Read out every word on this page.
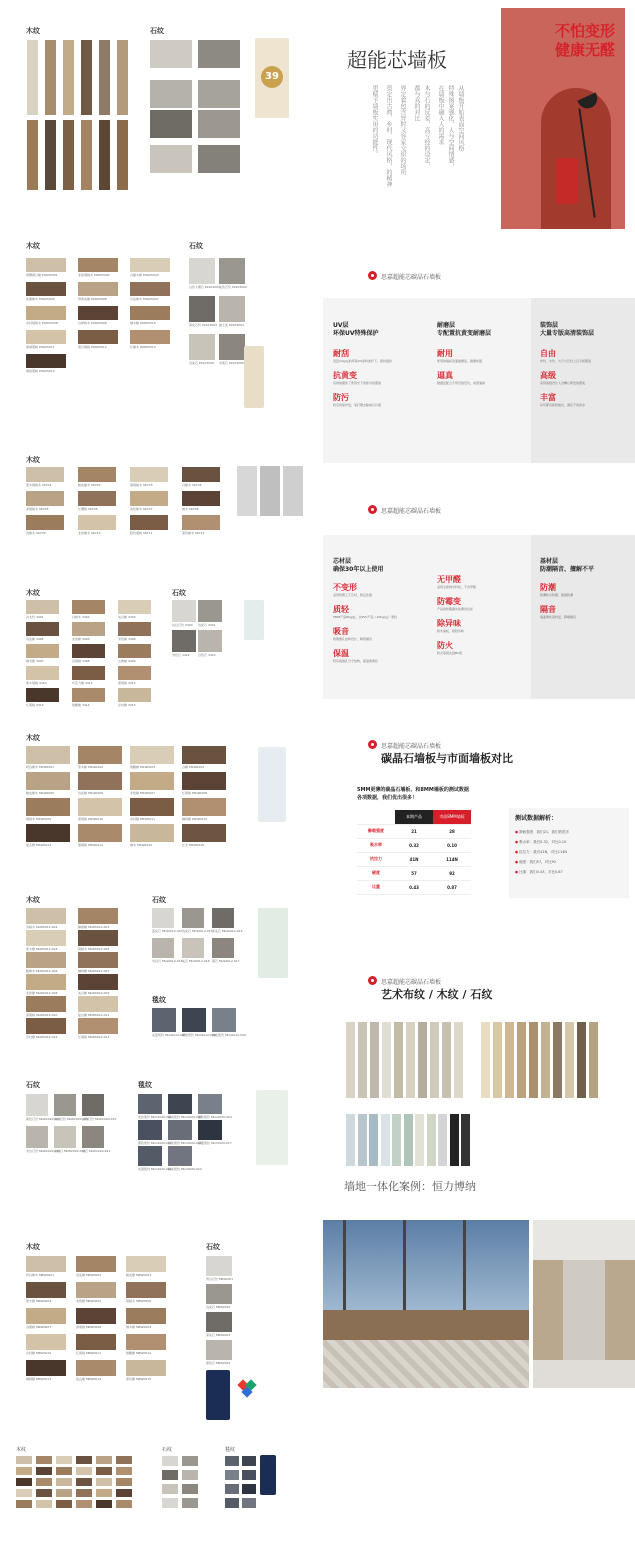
木纹	石纹
39
超能芯墙板
从墙板开始表面空间风格
特殊图案强化，人与空间情感，
在墙板中融入人的需求
木与石的反差，高亏经的设定，
都与真的对比
界定着包含异时又容家交织的场所
奠定出古典、乡村、现代风格，的精神
更赋予墙板实用的功能性。
不怕变形
健康无醛
木纹	石纹
莫娜春日橡 PLW05001	北欧胡桃木 PLW05002	白蜡木橡 PLW05003
纯黑橡木 PLW05004	珍珠灰橡 PLW05006	冷灰橡木 PLW05007
乡村胡桃木 PLW05008	白桦枫木 PLW05009	柚木橡 PLW05010
海港胡桃 PLW05011	落日胡桃 PLW05012	红橡木 PLW05013
琥珀胡桃 PLW05014
白色大理石 PLS03001 灰色石纹 PLS03002
深灰石纹 PLS03003 爵士灰 PLS03004
浅灰石 PLS03005	米黄石 PLS03006
思嘉超能芯碳晶石墙板
UV层
环保UV特殊保护
耐刮
表层12g/㎡的环保UV涂料加杆下，保持抵抗
抗黄变
有效地避免了使用光下的紫外线照射
防污
特有的保护层，易打理去除油污污渍
耐磨层
专配置抗黄变耐磨层
耐用
使用的墙板表面耐磨层，耐磨性强
逼真
耐磨层配合专用设备压纹，质感逼真
装饰层
大量专版高清装饰层
自由
布纹、木纹、大尺寸石纹上百专版图案
高级
采用高级设计人员精心研发的图案
丰富
每年都有新款推出，满足不同需求
木纹
原木胡桃木 S6701	暖灰橡木 S6702	黑胡桃木 S6703	白橡木 S6704
深胡桃木 S6705	红樱桃 S6706	灰色橡木 S6707	柚木 S6708
浅橡木 S6709	北欧橡木 S6710	暗色胡桃 S6711	深色橡木 S6712
思嘉超能芯碳晶石墙板
芯材层
确保30年以上使用
不变形
采用特殊工艺芯材，稳定性强
质轻
5MM产品8kg/㎡，比PVC产品（10kg/㎡）更轻
吸音
特殊微孔结构设计，降低噪音
保温
特有的微孔分子结构，保温效果好
无甲醛
采用全新纳米科技，不含甲醛
防霉变
产品的防霉菌实验测试达标
除异味
新式墙板，吸附异味
防火
防火等级达到B1级
基材层
防潮隔音、擅解不平
防潮
防潮防水防霉，耐湿防潮
隔音
墙面弹性基材层，降噪隔音
木纹	石纹
浅木纹 3401	白枫木 3402	灰白橡 3403
浅灰橡 3404	北欧橡 3405	米色橡 3406
柚木橡 3407	浅胡桃 3408	古典橡 3409
原木胡桃 3410	巧克力橡 3411	深胡桃 3412
红胡桃 3413	焦糖橡 3414	乡村橡 3415
灰白石纹 3420	浅灰石 3421
米色石 3422	白色石 3423
思嘉超能芯碳晶石墙板
碳晶石墙板与市面墙板对比
5MM更薄的碳晶石墙板、和8MM墙板的测试数据
各项数据，我们优出很多！
	本期产品	市面8MM墙板
静载强度	21	28
吸水率	0.32	0.10
抗拉力	41N	114N
硬度	57	92
比重	0.43	0.87
测试数据解析：
● 静载强度：我们21，我们的很多
● 吸水率：我们0.32，对比0.10
● 抗拉力：我们41N，对比114N
● 硬度：我们57，对比92
● 比重：我们0.43，对比0.87
木纹
奶白橡木 MSW0001	原木橡 MSW0002	焦糖橡 MSW0003	白橡 MSW0004
暖灰橡木 MSW0005	浅灰橡 MSW0006	北欧橡 MSW0007	红胡桃 MSW0008
胡桃木 MSW0009	深胡桃 MSW0010	乡村橡 MSW0011	咖啡橡 MSW0012
复古橡 MSW0013	黑胡桃 MSW0014	柚木 MSW0015	红木 MSW0016
木纹	石纹
毯纹
浅枫木 MLW0012-002	蜂蜜橡 MLW0012-003
原木橡 MLW0012-004	胡桃木 MLW0012-005
暖橡木 MLW0012-006	咖啡橡 MLW0012-007
北欧橡 MLW0012-008	灰白橡 MLW0012-009
深胡桃 MLW0012-010	复古橡 MLW0012-011
乡村橡 MLW0012-012	红胡桃 MLW0012-013
蓝灰石 MLS0012-007 浅灰石 MLS0012-013 深灰石 MLS0012-014
米白石 MLS0012-015 灰石 MLS0012-016 黑石 MLS0012-017
灰蓝毯纹 MLC0012-007
深灰毯纹 MLC0012-008
浅灰毯纹 MLC0012-009
思嘉超能芯碳晶石墙板
艺术布纹 / 木纹 / 石纹
墙地一体化案例：恒力博纳
石纹	毯纹
黄色石纹 MLW2020-007
浅灰石纹 MLW2020-009
白色石纹 MLW2020-010
米白石纹 MLW2020-011
浅灰石 MLW2020-015
灰石 MLW2020-022
灰色毯纹 MLC2020-001
深灰毯纹 MLC2020-003
蓝色毯纹 MLC2020-004
黑色毯纹 MLC2020-007
浅灰毯纹 MLC2020-010
深蓝毯纹 MLC2020-017
灰黑毯纹 MLC2020-021
暗灰毯纹 MLC2020-022
木纹	石纹
奶白橡木 MRW0001	浅灰橡 MRW0002	暖灰橡 MRW0003
原木橡 MRW0004	北欧橡 MRW0005	胡桃木 MRW0006
浅胡桃 MRW0007	深胡桃 MRW0008	柚木橡 MRW0009
乡村橡 MRW0010	红胡桃 MRW0011	焦糖橡 MRW0012
咖啡橡 MRW0013	复古橡 MRW0014	深色橡 MRW0015
雪白石纹 MRS0001
浅灰石 MRS0002
深灰石 MRS0003
黑色石 MRS0004
木纹	石纹	毯纹
